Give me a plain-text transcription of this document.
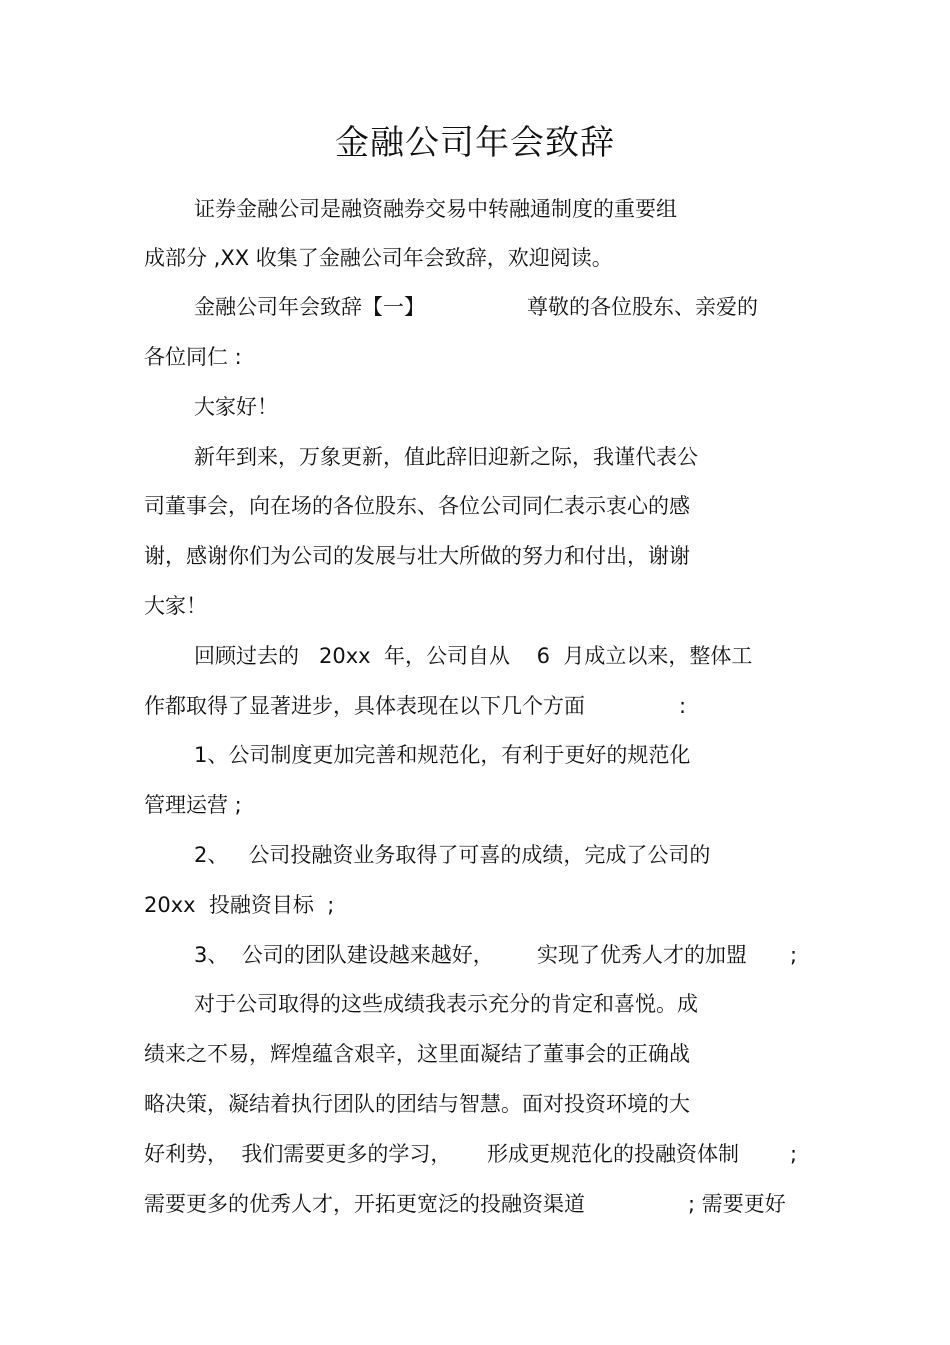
金融公司年会致辞

证券金融公司是融资融券交易中转融通制度的重要组

成部分 ,XX 收集了金融公司年会致辞，欢迎阅读。

金融公司年会致辞【一】	尊敬的各位股东、亲爱的

各位同仁 :

大家好！

新年到来，万象更新，值此辞旧迎新之际，我谨代表公

司董事会，向在场的各位股东、各位公司同仁表示衷心的感

谢，感谢你们为公司的发展与壮大所做的努力和付出，谢谢

大家！

回顾过去的   20xx  年，公司自从    6  月成立以来，整体工

作都取得了显著进步，具体表现在以下几个方面	:

1、公司制度更加完善和规范化，有利于更好的规范化

管理运营 ;

2、   公司投融资业务取得了可喜的成绩，完成了公司的

20xx  投融资目标  ;

3、  公司的团队建设越来越好， 实现了优秀人才的加盟 ;

对于公司取得的这些成绩我表示充分的肯定和喜悦。成

绩来之不易，辉煌蕴含艰辛，这里面凝结了董事会的正确战

略决策，凝结着执行团队的团结与智慧。面对投资环境的大

好利势，  我们需要更多的学习， 形成更规范化的投融资体制 ;

需要更多的优秀人才，开拓更宽泛的投融资渠道	; 需要更好
